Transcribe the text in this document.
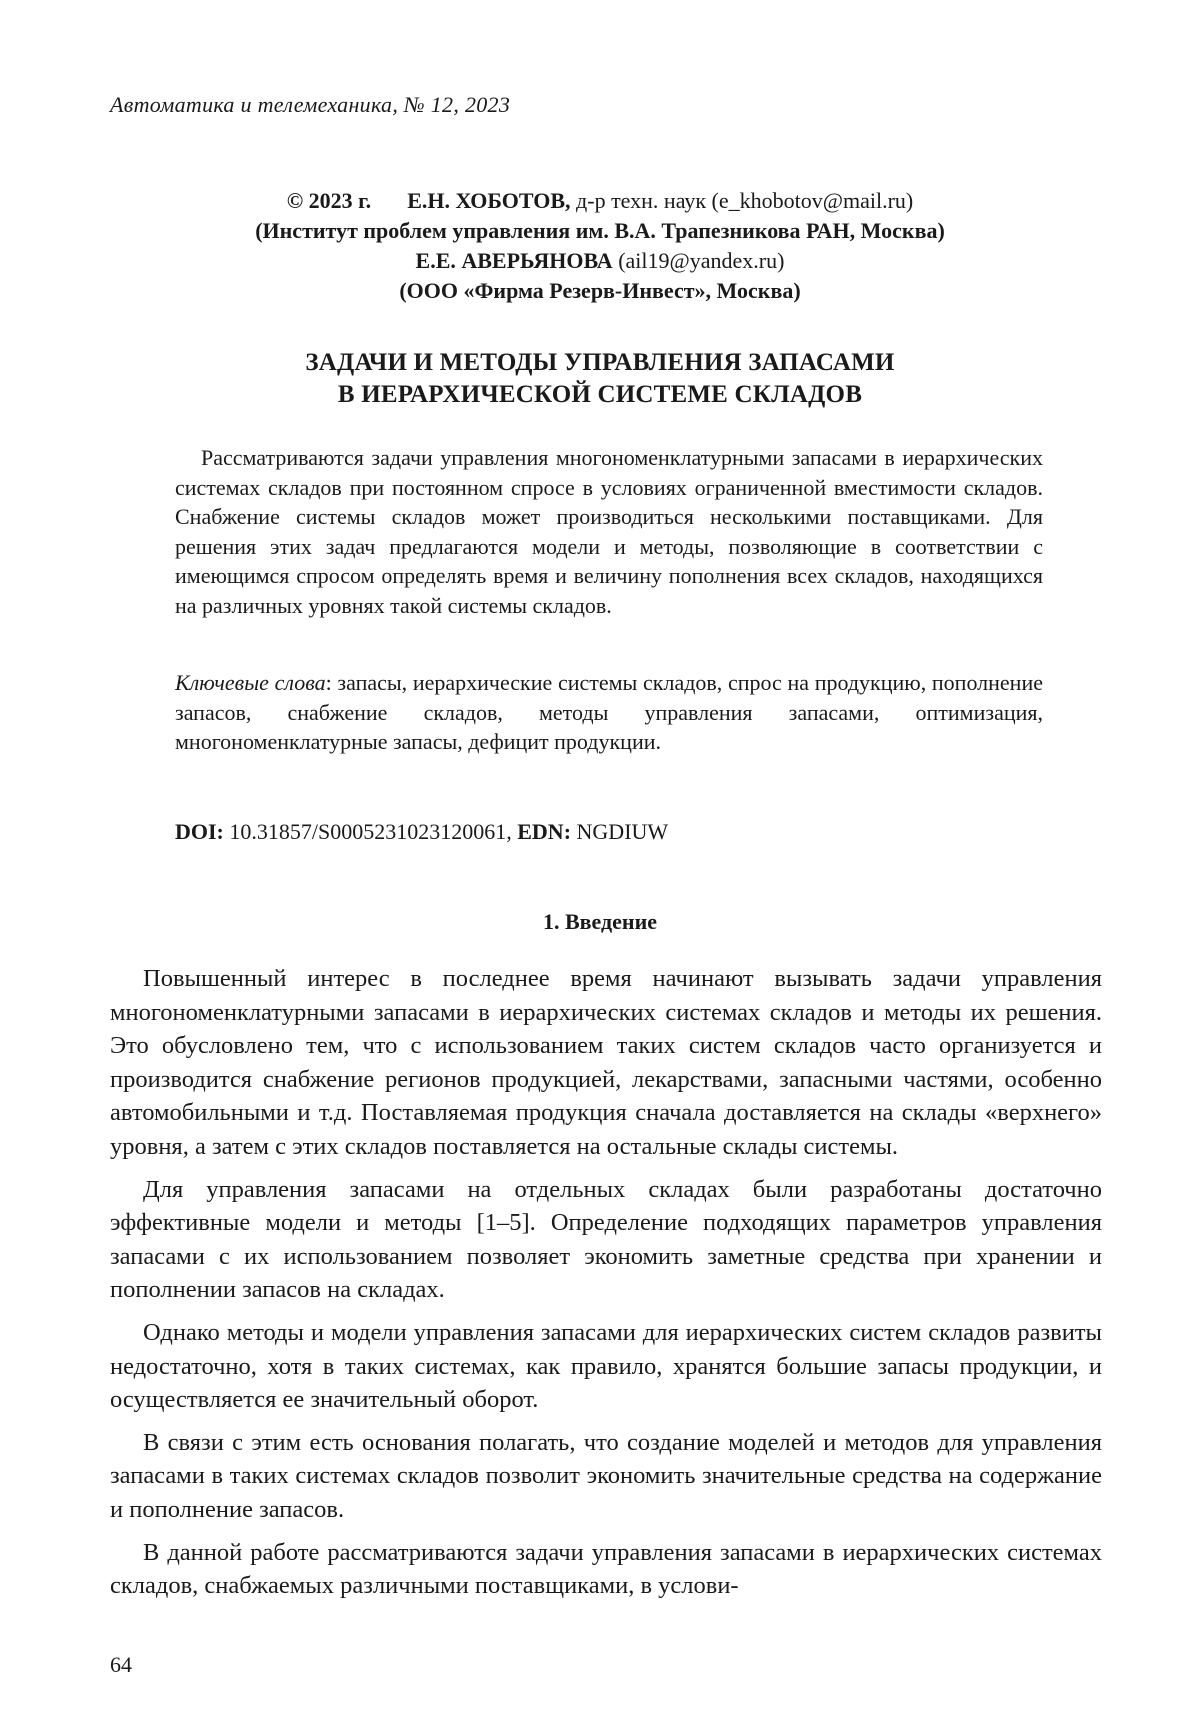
Автоматика и телемеханика, № 12, 2023
© 2023 г. Е.Н. ХОБОТОВ, д-р техн. наук (e_khobotov@mail.ru)
(Институт проблем управления им. В.А. Трапезникова РАН, Москва)
Е.Е. АВЕРЬЯНОВА (ail19@yandex.ru)
(ООО «Фирма Резерв-Инвест», Москва)
ЗАДАЧИ И МЕТОДЫ УПРАВЛЕНИЯ ЗАПАСАМИ
В ИЕРАРХИЧЕСКОЙ СИСТЕМЕ СКЛАДОВ

Рассматриваются задачи управления многономенклатурными запасами в иерархических системах складов при постоянном спросе в условиях ограниченной вместимости складов. Снабжение системы складов может производиться несколькими поставщиками. Для решения этих задач предлагаются модели и методы, позволяющие в соответствии с имеющимся спросом определять время и величину пополнения всех складов, находящихся на различных уровнях такой системы складов.

Ключевые слова: запасы, иерархические системы складов, спрос на продукцию, пополнение запасов, снабжение складов, методы управления запасами, оптимизация, многономенклатурные запасы, дефицит продукции.

DOI: 10.31857/S0005231023120061, EDN: NGDIUW
1. Введение

Повышенный интерес в последнее время начинают вызывать задачи управления многономенклатурными запасами в иерархических системах складов и методы их решения. Это обусловлено тем, что с использованием таких систем складов часто организуется и производится снабжение регионов продукцией, лекарствами, запасными частями, особенно автомобильными и т.д. Поставляемая продукция сначала доставляется на склады «верхнего» уровня, а затем с этих складов поставляется на остальные склады системы.

Для управления запасами на отдельных складах были разработаны достаточно эффективные модели и методы [1–5]. Определение подходящих параметров управления запасами с их использованием позволяет экономить заметные средства при хранении и пополнении запасов на складах.

Однако методы и модели управления запасами для иерархических систем складов развиты недостаточно, хотя в таких системах, как правило, хранятся большие запасы продукции, и осуществляется ее значительный оборот.

В связи с этим есть основания полагать, что создание моделей и методов для управления запасами в таких системах складов позволит экономить значительные средства на содержание и пополнение запасов.

В данной работе рассматриваются задачи управления запасами в иерархических системах складов, снабжаемых различными поставщиками, в услови-

64
